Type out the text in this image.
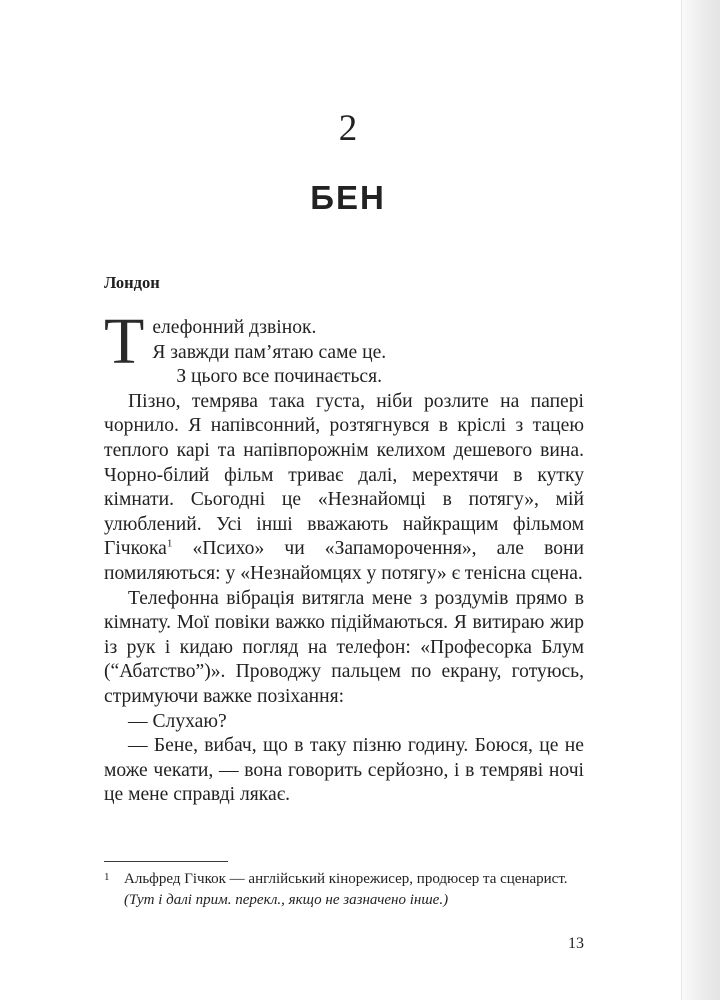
2
БЕН
Лондон

Телефонний дзвінок.
Я завжди пам’ятаю саме це.

З цього все починається.

Пізно, темрява така густа, ніби розлите на папері чорнило. Я напівсонний, розтягнувся в кріслі з тацею теплого карі та напівпорожнім келихом дешевого вина. Чорно-білий фільм триває далі, мерехтячи в кутку кімнати. Сьогодні це «Незнайомці в потягу», мій улюблений. Усі інші вважають найкращим фільмом Гічкока$^1$ «Психо» чи «Запаморочення», але вони помиляються: у «Незнайомцях у потягу» є тенісна сцена.

Телефонна вібрація витягла мене з роздумів прямо в кімнату. Мої повіки важко підіймаються. Я витираю жир із рук і кидаю погляд на телефон: «Професорка Блум (“Абатство”)». Проводжу пальцем по екрану, готуюсь, стримуючи важке позіхання:

— Слухаю?

— Бене, вибач, що в таку пізню годину. Боюся, це не може чекати, — вона говорить серйозно, і в темряві ночі це мене справді лякає.

1 Альфред Гічкок — англійський кінорежисер, продюсер та сценарист. (Тут і далі прим. перекл., якщо не зазначено інше.)
13
